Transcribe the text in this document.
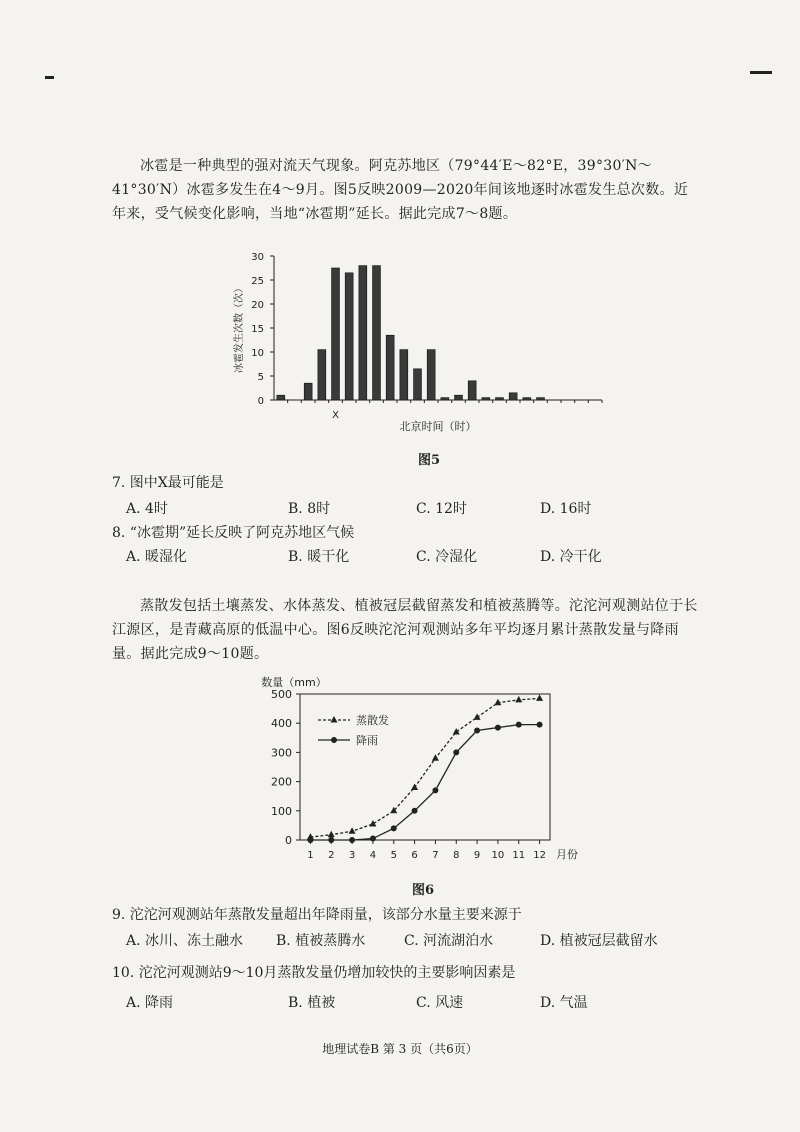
冰雹是一种典型的强对流天气现象。阿克苏地区（79°44′E～82°E，39°30′N～41°30′N）冰雹多发生在4～9月。图5反映2009—2020年间该地逐时冰雹发生总次数。近年来，受气候变化影响，当地“冰雹期”延长。据此完成7～8题。

0
5
10
15
20
25
30
X
北京时间（时）
冰雹发生次数（次）
图5

7. 图中X最可能是

A. 4时	B. 8时	C. 12时	D. 16时

8. “冰雹期”延长反映了阿克苏地区气候

A. 暖湿化	B. 暖干化	C. 冷湿化	D. 冷干化

蒸散发包括土壤蒸发、水体蒸发、植被冠层截留蒸发和植被蒸腾等。沱沱河观测站位于长江源区，是青藏高原的低温中心。图6反映沱沱河观测站多年平均逐月累计蒸散发量与降雨量。据此完成9～10题。

0
100
200
300
400
500
1 2 3 4 5 6 7 8 9 10 11 12
数量（mm）
月份
蒸散发
降雨
图6

9. 沱沱河观测站年蒸散发量超出年降雨量，该部分水量主要来源于

A. 冰川、冻土融水 B. 植被蒸腾水	C. 河流湖泊水	D. 植被冠层截留水

10. 沱沱河观测站9～10月蒸散发量仍增加较快的主要影响因素是

A. 降雨	B. 植被	C. 风速	D. 气温
地理试卷B 第 3 页（共6页）
